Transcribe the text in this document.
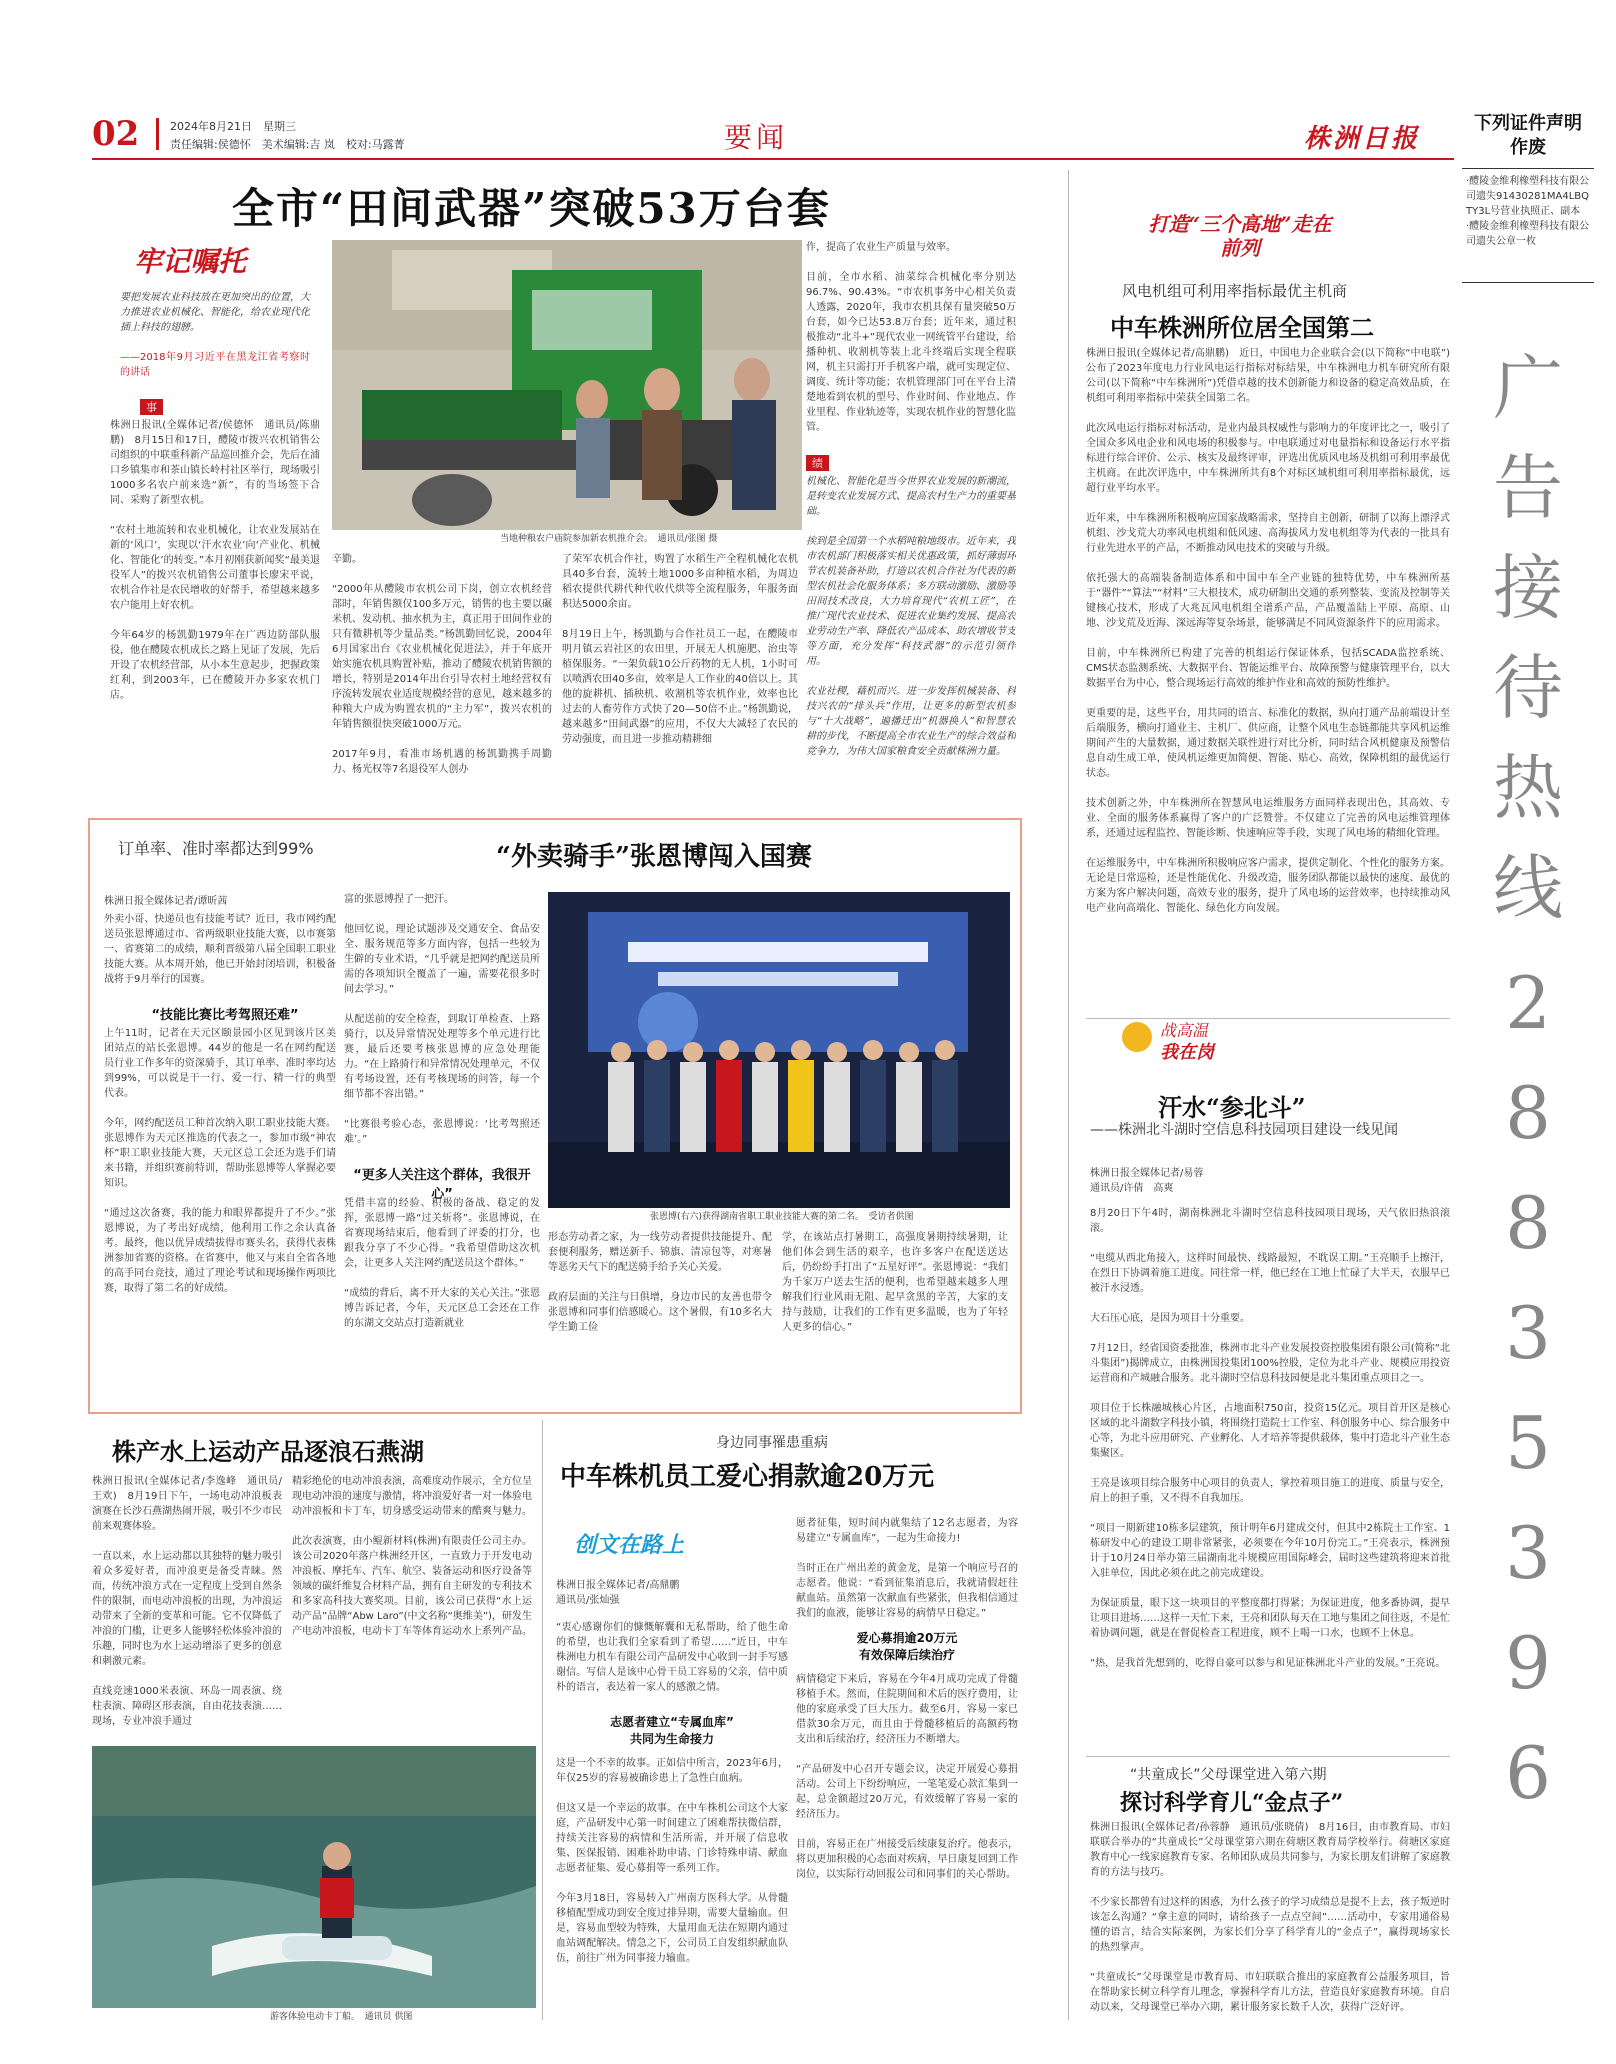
02	2024年8月21日　星期三
责任编辑:侯德怀　美术编辑:吉 岚　校对:马露菁	要闻	株洲日报
下列证件声明作废
·醴陵金维利橡塑科技有限公司遗失91430281MA4LBQTY3L号营业执照正、副本
·醴陵金维利橡塑科技有限公司遗失公章一枚
广告接待热线
28835396
全市“田间武器”突破53万台套
牢记嘱托
要把发展农业科技放在更加突出的位置，大力推进农业机械化、智能化，给农业现代化插上科技的翅膀。
——2018年9月习近平在黑龙江省考察时的讲话
事
株洲日报讯(全媒体记者/侯德怀　通讯员/陈鼎鹏)　8月15日和17日，醴陵市拨兴农机销售公司组织的中联重科新产品巡回推介会，先后在浦口乡镇集市和茶山镇长岭村社区举行，现场吸引1000多名农户前来选“新”，有的当场签下合同、采购了新型农机。

“农村土地流转和农业机械化，让农业发展站在新的‘风口’，实现以‘汗水农业’向‘产业化、机械化、智能化’的转变。”本月初刚获新闻奖“最美退役军人”的拨兴农机销售公司董事长廖宋平说，农机合作社是农民增收的好帮手，希望越来越多农户能用上好农机。

今年64岁的杨凯勤1979年在广西边防部队服役，他在醴陵农机成长之路上见证了发展，先后开设了农机经营部，从小本生意起步，把握政策红利，到2003年，已在醴陵开办多家农机门店。
当地种粮农户庙院参加新农机推介会。　通讯员/张图 摄
辛勤。

“2000年从醴陵市农机公司下岗，创立农机经营部时，年销售额仅100多万元，销售的也主要以碾米机、发动机、抽水机为主，真正用于田间作业的只有微耕机等少量品类。”杨凯勤回忆说，2004年6月国家出台《农业机械化促进法》，并于年底开始实施农机具购置补贴，推动了醴陵农机销售额的增长，特别是2014年出台引导农村土地经营权有序流转发展农业适度规模经营的意见，越来越多的种粮大户成为购置农机的“主力军”，拨兴农机的年销售额很快突破1000万元。

2017年9月，看准市场机遇的杨凯勤携手周勤力、杨光权等7名退役军人创办
了荣军农机合作社，购置了水稻生产全程机械化农机具40多台套，流转土地1000多亩种植水稻，为周边稻农提供代耕代种代收代烘等全流程服务，年服务面积达5000余亩。

8月19日上午，杨凯勤与合作社员工一起，在醴陵市明月镇云岩社区的农田里，开展无人机施肥、治虫等植保服务。“一架负载10公斤药物的无人机，1小时可以喷洒农田40多亩，效率是人工作业的40倍以上。其他的旋耕机、插秧机、收割机等农机作业，效率也比过去的人畜劳作方式快了20—50倍不止。”杨凯勤说，越来越多“田间武器”的应用，不仅大大减轻了农民的劳动强度，而且进一步推动精耕细
作，提高了农业生产质量与效率。

目前，全市水稻、油菜综合机械化率分别达96.7%、90.43%。“市农机事务中心相关负责人透露，2020年，我市农机具保有量突破50万台套，如今已达53.8万台套；近年来，通过积极推动“北斗+”现代农业一网统管平台建设，给播种机、收割机等装上北斗终端后实现全程联网，机主只需打开手机客户端，就可实现定位、调度、统计等功能；农机管理部门可在平台上清楚地看到农机的型号、作业时间、作业地点、作业里程、作业轨迹等，实现农机作业的智慧化监管。
绩
机械化、智能化是当今世界农业发展的新潮流，是转变农业发展方式、提高农村生产力的重要基础。

挨到是全国第一个水稻吨粮地级市。近年来，我市农机部门积极落实相关优惠政策，抓好薄弱环节农机装备补助，打造以农机合作社为代表的新型农机社会化服务体系；多方联动激励、激励等田间技术改良，大力培育现代“农机工匠”，在推广现代农业技术、促进农业集约发展、提高农业劳动生产率、降低农产品成本、助农增收节支等方面，充分发挥“科技武器”的示范引领作用。

农业社稷，藉机而兴。进一步发挥机械装备、科技兴农的“排头兵”作用，让更多的新型农机参与“十大战略”，遍播迁出“机器换人”和智慧农耕的步伐，不断提高全市农业生产的综合效益和竞争力，为伟大国家粮食安全贡献株洲力量。
订单率、准时率都达到99%	“外卖骑手”张恩博闯入国赛
株洲日报全媒体记者/谭昕茜
外卖小哥、快递员也有技能考试？近日，我市网约配送员张恩博通过市、省两级职业技能大赛，以市赛第一、省赛第二的成绩，顺利晋级第八届全国职工职业技能大赛。从本周开始，他已开始封闭培训，积极备战将于9月举行的国赛。
“技能比赛比考驾照还难”
上午11时，记者在天元区颐景园小区见到该片区美团站点的站长张恩博。44岁的他是一名在网约配送员行业工作多年的资深骑手，其订单率、准时率均达到99%，可以说是干一行、爱一行、精一行的典型代表。

今年，网约配送员工种首次纳入职工职业技能大赛。张恩博作为天元区推选的代表之一，参加市级“神农杯”职工职业技能大赛，天元区总工会还为选手们请来书籍，并组织赛前特训，帮助张恩博等人掌握必要知识。

“通过这次备赛，我的能力和眼界都提升了不少。”张恩博说，为了考出好成绩，他利用工作之余认真备考。最终，他以优异成绩拔得市赛头名，获得代表株洲参加省赛的资格。在省赛中，他又与来自全省各地的高手同台竞技，通过了理论考试和现场操作两项比赛，取得了第二名的好成绩。
富的张恩博捏了一把汗。

他回忆说，理论试题涉及交通安全、食品安全、服务规范等多方面内容，包括一些较为生僻的专业术语，“几乎就是把网约配送员所需的各项知识全覆盖了一遍，需要花很多时间去学习。”

从配送前的安全检查，到取订单检查、上路骑行，以及异常情况处理等多个单元进行比赛，最后还要考核张恩博的应急处理能力。“在上路骑行和异常情况处理单元，不仅有考场设置，还有考核现场的问答，每一个细节都不容出错。”

“比赛很考验心态，张恩博说：‘比考驾照还难’。”
“更多人关注这个群体，我很开心”
凭借丰富的经验、积极的备战、稳定的发挥，张恩博一路“过关斩将”。张恩博说，在省赛现场结束后，他看到了评委的打分，也跟我分享了不少心得。“我希望借助这次机会，让更多人关注网约配送员这个群体。”

“成绩的背后，离不开大家的关心关注。”张恩博告诉记者，今年，天元区总工会还在工作的东湖文交站点打造新就业
张恩博(右六)获得湖南省职工职业技能大赛的第二名。　受访者供图
形态劳动者之家，为一线劳动者提供技能提升、配套便利服务，赠送新手、锦旗、清凉包等，对寒暑等恶劣天气下的配送骑手给予关心关爱。

政府层面的关注与日俱增，身边市民的友善也带令张恩博和同事们倍感暖心。这个暑假，有10多名大学生勤工俭
学，在该站点打暑期工，高强度暑期持续暑期，让他们体会到生活的艰辛，也许多客户在配送送达后，仍纷纷手打出了“五星好评”。张恩博说：“我们为千家万户送去生活的便利，也希望越来越多人理解我们行业风雨无阻、起早贪黑的辛苦，大家的支持与鼓励，让我们的工作有更多温暖，也为了年轻人更多的信心。”
株产水上运动产品逐浪石燕湖
株洲日报讯(全媒体记者/李逸峰　通讯员/王欢)　8月19日下午，一场电动冲浪板表演赛在长沙石燕湖热闹开展，吸引不少市民前来观赛体验。

一直以来，水上运动都以其独特的魅力吸引着众多爱好者，而冲浪更是备受青睐。然而，传统冲浪方式在一定程度上受到自然条件的限制，而电动冲浪板的出现，为冲浪运动带来了全新的变革和可能。它不仅降低了冲浪的门槛，让更多人能够轻松体验冲浪的乐趣，同时也为水上运动增添了更多的创意和刺激元素。

直线竞速1000米表演、环岛一周表演、绕柱表演、障碍区形表演，自由花技表演……现场，专业冲浪手通过
精彩绝伦的电动冲浪表演，高难度动作展示，全方位呈现电动冲浪的速度与激情，将冲浪爱好者一对一体验电动冲浪板和卡丁车，切身感受运动带来的酷爽与魅力。

此次表演赛，由小鲲新材料(株洲)有限责任公司主办。该公司2020年落户株洲经开区，一直致力于开发电动冲浪板、摩托车、汽车、航空、装备运动和医疗设备等领域的碳纤维复合材料产品，拥有自主研发的专利技术和多家高科技大赛奖项。目前，该公司已获得“水上运动产品”品牌“Abw Laro”(中文名称“奥维美”)，研发生产电动冲浪板，电动卡丁车等体育运动水上系列产品。
游客体验电动卡丁船。　通讯员 供图
身边同事罹患重病
中车株机员工爱心捐款逾20万元
创文在路上
株洲日报全媒体记者/高鼎鹏
通讯员/张灿强
“衷心感谢你们的慷慨解囊和无私帮助，给了他生命的希望，也让我们全家看到了希望……”近日，中车株洲电力机车有限公司产品研发中心收到一封手写感谢信。写信人是该中心骨干员工容易的父亲，信中质朴的语言，表达着一家人的感激之情。
志愿者建立“专属血库”
共同为生命接力
这是一个不幸的故事。正如信中所言，2023年6月，年仅25岁的容易被确诊患上了急性白血病。

但这又是一个幸运的故事。在中车株机公司这个大家庭，产品研发中心第一时间建立了困难帮扶微信群，持续关注容易的病情和生活所需，并开展了信息收集、医保报销、困难补助申请、门诊特殊申请、献血志愿者征集、爱心募捐等一系列工作。

今年3月18日，容易转入广州南方医科大学。从骨髓移植配型成功到安全度过排异期，需要大量输血。但是，容易血型较为特殊，大量用血无法在短期内通过血站调配解决。情急之下，公司员工自发组织献血队伍，前往广州为同事接力输血。
愿者征集，短时间内就集结了12名志愿者，为容易建立“专属血库”，一起为生命接力!

当时正在广州出差的黄金龙，是第一个响应号召的志愿者。他说：“看到征集消息后，我就请假赶往献血站。虽然第一次献血有些紧张，但我相信通过我们的血液，能够让容易的病情早日稳定。”
爱心募捐逾20万元
有效保障后续治疗
病情稳定下来后，容易在今年4月成功完成了骨髓移植手术。然而，住院期间和术后的医疗费用，让他的家庭承受了巨大压力。截至6月，容易一家已借款30余万元，而且由于骨髓移植后的高额药物支出和后续治疗，经济压力不断增大。

“产品研发中心召开专题会议，决定开展爱心募捐活动。公司上下纷纷响应，一笔笔爱心款汇集到一起，总金额超过20万元，有效缓解了容易一家的经济压力。

目前，容易正在广州接受后续康复治疗。他表示，将以更加积极的心态面对疾病，早日康复回到工作岗位，以实际行动回报公司和同事们的关心帮助。
打造“三个高地”走在前列
风电机组可利用率指标最优主机商
中车株洲所位居全国第二
株洲日报讯(全媒体记者/高鼎鹏)　近日，中国电力企业联合会(以下简称“中电联”)公布了2023年度电力行业风电运行指标对标结果，中车株洲电力机车研究所有限公司(以下简称“中车株洲所”)凭借卓越的技术创新能力和设备的稳定高效品质，在机组可利用率指标中荣获全国第二名。

此次风电运行指标对标活动，是业内最具权威性与影响力的年度评比之一，吸引了全国众多风电企业和风电场的积极参与。中电联通过对电量指标和设备运行水平指标进行综合评价、公示、核实及最终评审，评选出优质风电场及机组可利用率最优主机商。在此次评选中，中车株洲所共有8个对标区域机组可利用率指标最优，远超行业平均水平。

近年来，中车株洲所积极响应国家战略需求，坚持自主创新，研制了以海上漂浮式机组、沙戈荒大功率风电机组和低风速、高海拔风力发电机组等为代表的一批具有行业先进水平的产品，不断推动风电技术的突破与升级。

依托强大的高端装备制造体系和中国中车全产业链的独特优势，中车株洲所基于“器件”“算法”“材料”三大根技术，成功研制出交通的系列整装、变流及控制等关键核心技术，形成了大兆瓦风电机组全谱系产品，产品覆盖陆上平原、高原、山地、沙戈荒及近海、深远海等复杂场景，能够满足不同风资源条件下的应用需求。

目前，中车株洲所已构建了完善的机组运行保证体系，包括SCADA监控系统、CMS状态监测系统、大数据平台、智能运维平台、故障预警与健康管理平台，以大数据平台为中心，整合现场运行高效的维护作业和高效的预防性维护。

更重要的是，这些平台，用共同的语言、标准化的数据，纵向打通产品前端设计至后端服务，横向打通业主、主机厂、供应商，让整个风电生态链都能共享风机运维期间产生的大量数据，通过数据关联性进行对比分析，同时结合风机健康及预警信息自动生成工单，使风机运维更加简便、智能、贴心、高效，保障机组的最优运行状态。

技术创新之外，中车株洲所在智慧风电运维服务方面同样表现出色，其高效、专业、全面的服务体系赢得了客户的广泛赞誉。不仅建立了完善的风电运维管理体系，还通过远程监控、智能诊断、快速响应等手段，实现了风电场的精细化管理。

在运维服务中，中车株洲所积极响应客户需求，提供定制化、个性化的服务方案。无论是日常巡检，还是性能优化、升级改造，服务团队都能以最快的速度、最优的方案为客户解决问题，高效专业的服务，提升了风电场的运营效率，也持续推动风电产业向高端化、智能化、绿色化方向发展。
战高温
我在岗
汗水“参北斗”
——株洲北斗湖时空信息科技园项目建设一线见闻
株洲日报全媒体记者/易蓉
通讯员/许倩　高爽
8月20日下午4时，湖南株洲北斗湖时空信息科技园项目现场，天气依旧热浪滚滚。

“电缆从西北角接入，这样时间最快、线路最短，不耽误工期。”王亮顺手上擦汗，在烈日下协调着施工进度。同往常一样，他已经在工地上忙碌了大半天，衣服早已被汗水浸透。

大石压心底，是因为项目十分重要。

7月12日，经省国资委批准，株洲市北斗产业发展投资控股集团有限公司(简称“北斗集团”)揭牌成立，由株洲国投集团100%控股，定位为北斗产业、规模应用投资运营商和产城融合服务。北斗湖时空信息科技园便是北斗集团重点项目之一。

项目位于长株融城核心片区，占地面积750亩，投资15亿元。项目首开区是核心区域的北斗湖数字科技小镇，将围绕打造院士工作室、科创服务中心、综合服务中心等，为北斗应用研究、产业孵化、人才培养等提供载体，集中打造北斗产业生态集聚区。

王亮是该项目综合服务中心项目的负责人，掌控着项目施工的进度、质量与安全，肩上的担子重，又不得不自我加压。

“项目一期新建10栋多层建筑，预计明年6月建成交付，但其中2栋院士工作室、1栋研发中心的建设工期非常紧张，必须要在今年10月份完工。”王亮表示，株洲预计于10月24日举办第三届湖南北斗规模应用国际峰会，届时这些建筑将迎来首批入驻单位，因此必须在此之前完成建设。

为保证质量，眼下这一块项目的平整度都打得紧；为保证进度，他多番协调，提早让项目进场……这样一天忙下来，王亮和团队每天在工地与集团之间往返，不是忙着协调问题，就是在督促检查工程进度，顾不上喝一口水，也顾不上休息。

“热，是我首先想到的，吃得自豪可以参与和见证株洲北斗产业的发展。”王亮说。
“共童成长”父母课堂进入第六期
探讨科学育儿“金点子”
株洲日报讯(全媒体记者/孙蓉静　通讯员/张晓倩)　8月16日，由市教育局、市妇联联合举办的“共童成长”父母课堂第六期在荷塘区教育局学校举行。荷塘区家庭教育中心一线家庭教育专家、名师团队成员共同参与，为家长朋友们讲解了家庭教育的方法与技巧。

不少家长都曾有过这样的困惑，为什么孩子的学习成绩总是提不上去，孩子叛逆时该怎么沟通？“拿主意的同时，请给孩子一点点空间”……活动中，专家用通俗易懂的语言，结合实际案例，为家长们分享了科学育儿的“金点子”，赢得现场家长的热烈掌声。

“共童成长”父母课堂是市教育局、市妇联联合推出的家庭教育公益服务项目，旨在帮助家长树立科学育儿理念，掌握科学育儿方法，营造良好家庭教育环境。自启动以来，父母课堂已举办六期，累计服务家长数千人次，获得广泛好评。
